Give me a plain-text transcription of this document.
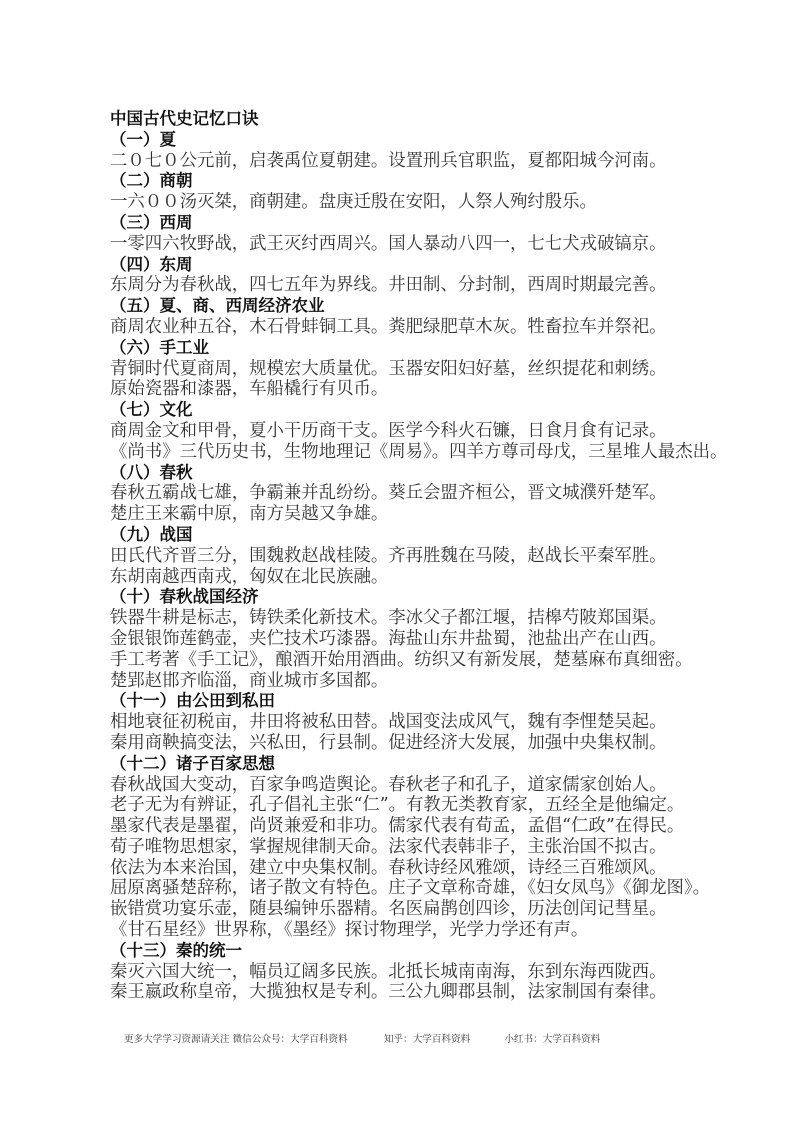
中国古代史记忆口诀
（一）夏
二０七０公元前，启袭禹位夏朝建。设置刑兵官职监，夏都阳城今河南。
（二）商朝
一六００汤灭桀，商朝建。盘庚迁殷在安阳，人祭人殉纣殷乐。
（三）西周
一零四六牧野战，武王灭纣西周兴。国人暴动八四一，七七犬戎破镐京。
（四）东周
东周分为春秋战，四七五年为界线。井田制、分封制，西周时期最完善。
（五）夏、商、西周经济农业
商周农业种五谷，木石骨蚌铜工具。粪肥绿肥草木灰。牲畜拉车并祭祀。
（六）手工业
青铜时代夏商周，规模宏大质量优。玉器安阳妇好墓，丝织提花和刺绣。
原始瓷器和漆器，车船橇行有贝币。
（七）文化
商周金文和甲骨，夏小干历商干支。医学今科火石镰，日食月食有记录。
《尚书》三代历史书，生物地理记《周易》。四羊方尊司母戊，三星堆人最杰出。
（八）春秋
春秋五霸战七雄，争霸兼并乱纷纷。葵丘会盟齐桓公，晋文城濮歼楚军。
楚庄王来霸中原，南方吴越又争雄。
（九）战国
田氏代齐晋三分，围魏救赵战桂陵。齐再胜魏在马陵，赵战长平秦军胜。
东胡南越西南戎，匈奴在北民族融。
（十）春秋战国经济
铁器牛耕是标志，铸铁柔化新技术。李冰父子都江堰，拮槔芍陂郑国渠。
金银银饰莲鹤壶，夹伫技术巧漆器。海盐山东井盐蜀，池盐出产在山西。
手工考著《手工记》，酿酒开始用酒曲。纺织又有新发展，楚墓麻布真细密。
楚郢赵邯齐临淄，商业城市多国都。
（十一）由公田到私田
相地衰征初税亩，井田将被私田替。战国变法成风气，魏有李悝楚吴起。
秦用商鞅搞变法，兴私田，行县制。促进经济大发展，加强中央集权制。
（十二）诸子百家思想
春秋战国大变动，百家争鸣造舆论。春秋老子和孔子，道家儒家创始人。
老子无为有辨证，孔子倡礼主张“仁”。有教无类教育家，五经全是他编定。
墨家代表是墨翟，尚贤兼爱和非功。儒家代表有荀孟，孟倡“仁政”在得民。
荀子唯物思想家，掌握规律制天命。法家代表韩非子，主张治国不拟古。
依法为本来治国，建立中央集权制。春秋诗经风雅颂，诗经三百雅颂风。
屈原离骚楚辞称，诸子散文有特色。庄子文章称奇雄，《妇女凤鸟》《御龙图》。
嵌错赏功宴乐壶，随县编钟乐器精。名医扁鹊创四诊，历法创闰记彗星。
《甘石星经》世界称，《墨经》探讨物理学，光学力学还有声。
（十三）秦的统一
秦灭六国大统一，幅员辽阔多民族。北抵长城南南海，东到东海西陇西。
秦王嬴政称皇帝，大揽独权是专利。三公九卿郡县制，法家制国有秦律。
更多大学学习资源请关注 微信公众号：大学百科资料	知乎：大学百科资料	小红书：大学百科资料
